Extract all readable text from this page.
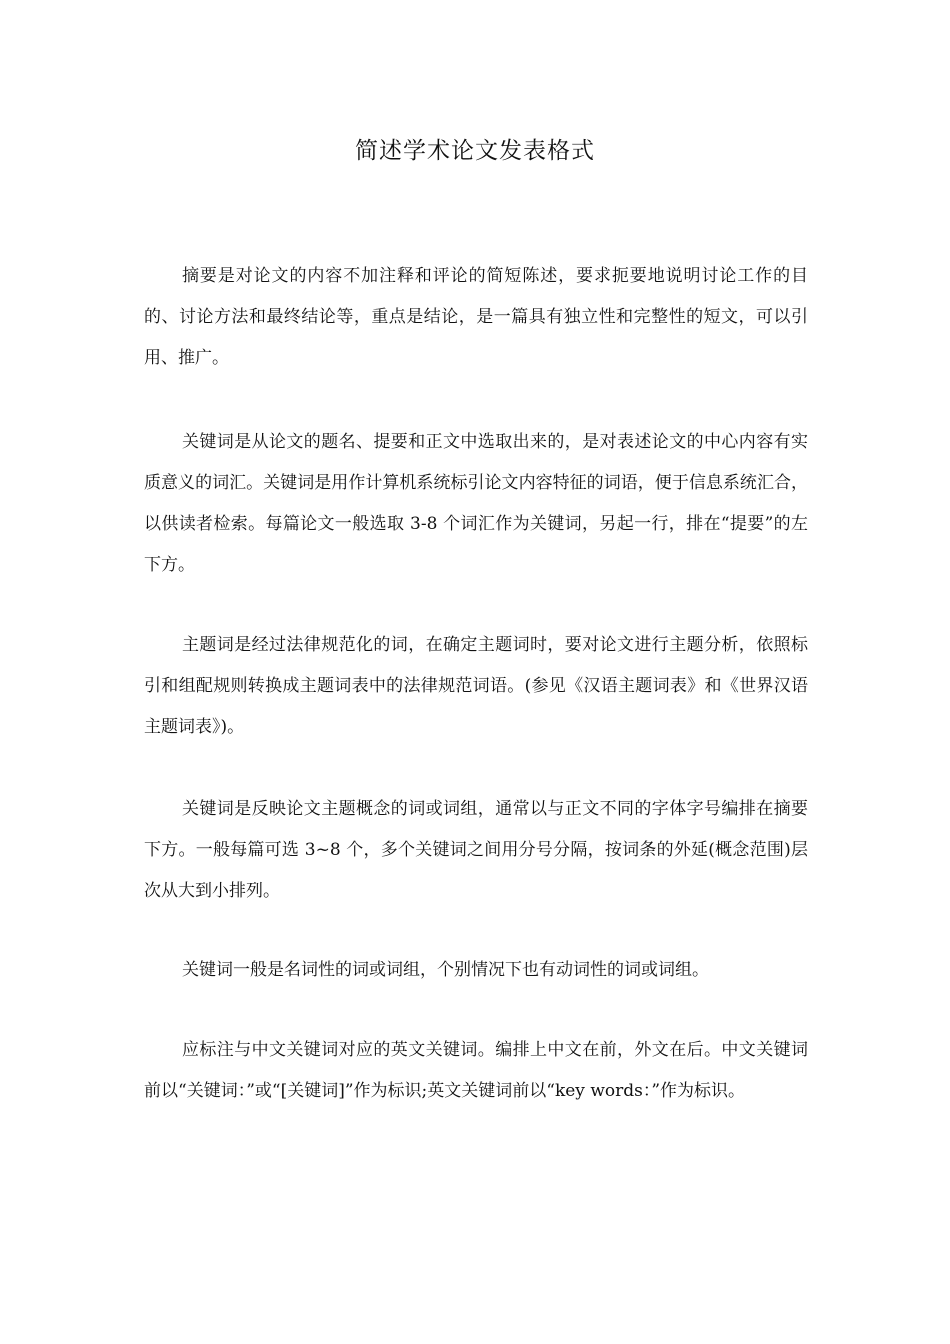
简述学术论文发表格式

摘要是对论文的内容不加注释和评论的简短陈述，要求扼要地说明讨论工作的目的、讨论方法和最终结论等，重点是结论，是一篇具有独立性和完整性的短文，可以引用、推广。

关键词是从论文的题名、提要和正文中选取出来的，是对表述论文的中心内容有实质意义的词汇。关键词是用作计算机系统标引论文内容特征的词语，便于信息系统汇合，以供读者检索。每篇论文一般选取 3-8 个词汇作为关键词，另起一行，排在“提要”的左下方。

主题词是经过法律规范化的词，在确定主题词时，要对论文进行主题分析，依照标引和组配规则转换成主题词表中的法律规范词语。(参见《汉语主题词表》和《世界汉语主题词表》)。

关键词是反映论文主题概念的词或词组，通常以与正文不同的字体字号编排在摘要下方。一般每篇可选 3~8 个，多个关键词之间用分号分隔，按词条的外延(概念范围)层次从大到小排列。

关键词一般是名词性的词或词组，个别情况下也有动词性的词或词组。

应标注与中文关键词对应的英文关键词。编排上中文在前，外文在后。中文关键词前以“关键词：”或“[关键词]”作为标识;英文关键词前以“key words：”作为标识。
